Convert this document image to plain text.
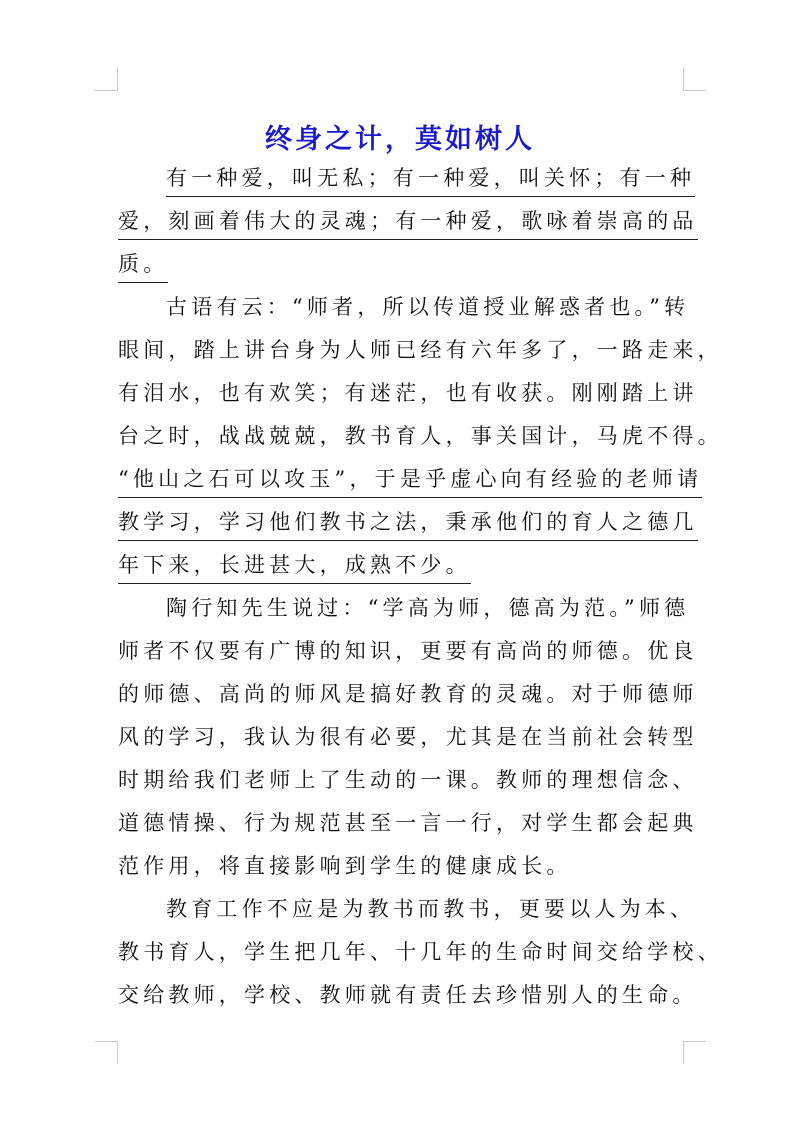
终身之计，莫如树人
有一种爱，叫无私；有一种爱，叫关怀；有一种
爱，刻画着伟大的灵魂；有一种爱，歌咏着崇高的品
质。
古语有云：“师者，所以传道授业解惑者也。”转
眼间，踏上讲台身为人师已经有六年多了，一路走来，
有泪水，也有欢笑；有迷茫，也有收获。刚刚踏上讲
台之时，战战兢兢，教书育人，事关国计，马虎不得。
“他山之石可以攻玉”，于是乎虚心向有经验的老师请
教学习，学习他们教书之法，秉承他们的育人之德几
年下来，长进甚大，成熟不少。
陶行知先生说过：“学高为师，德高为范。”师德
师者不仅要有广博的知识，更要有高尚的师德。优良
的师德、高尚的师风是搞好教育的灵魂。对于师德师
风的学习，我认为很有必要，尤其是在当前社会转型
时期给我们老师上了生动的一课。教师的理想信念、
道德情操、行为规范甚至一言一行，对学生都会起典
范作用，将直接影响到学生的健康成长。
教育工作不应是为教书而教书，更要以人为本、
教书育人，学生把几年、十几年的生命时间交给学校、
交给教师，学校、教师就有责任去珍惜别人的生命。
